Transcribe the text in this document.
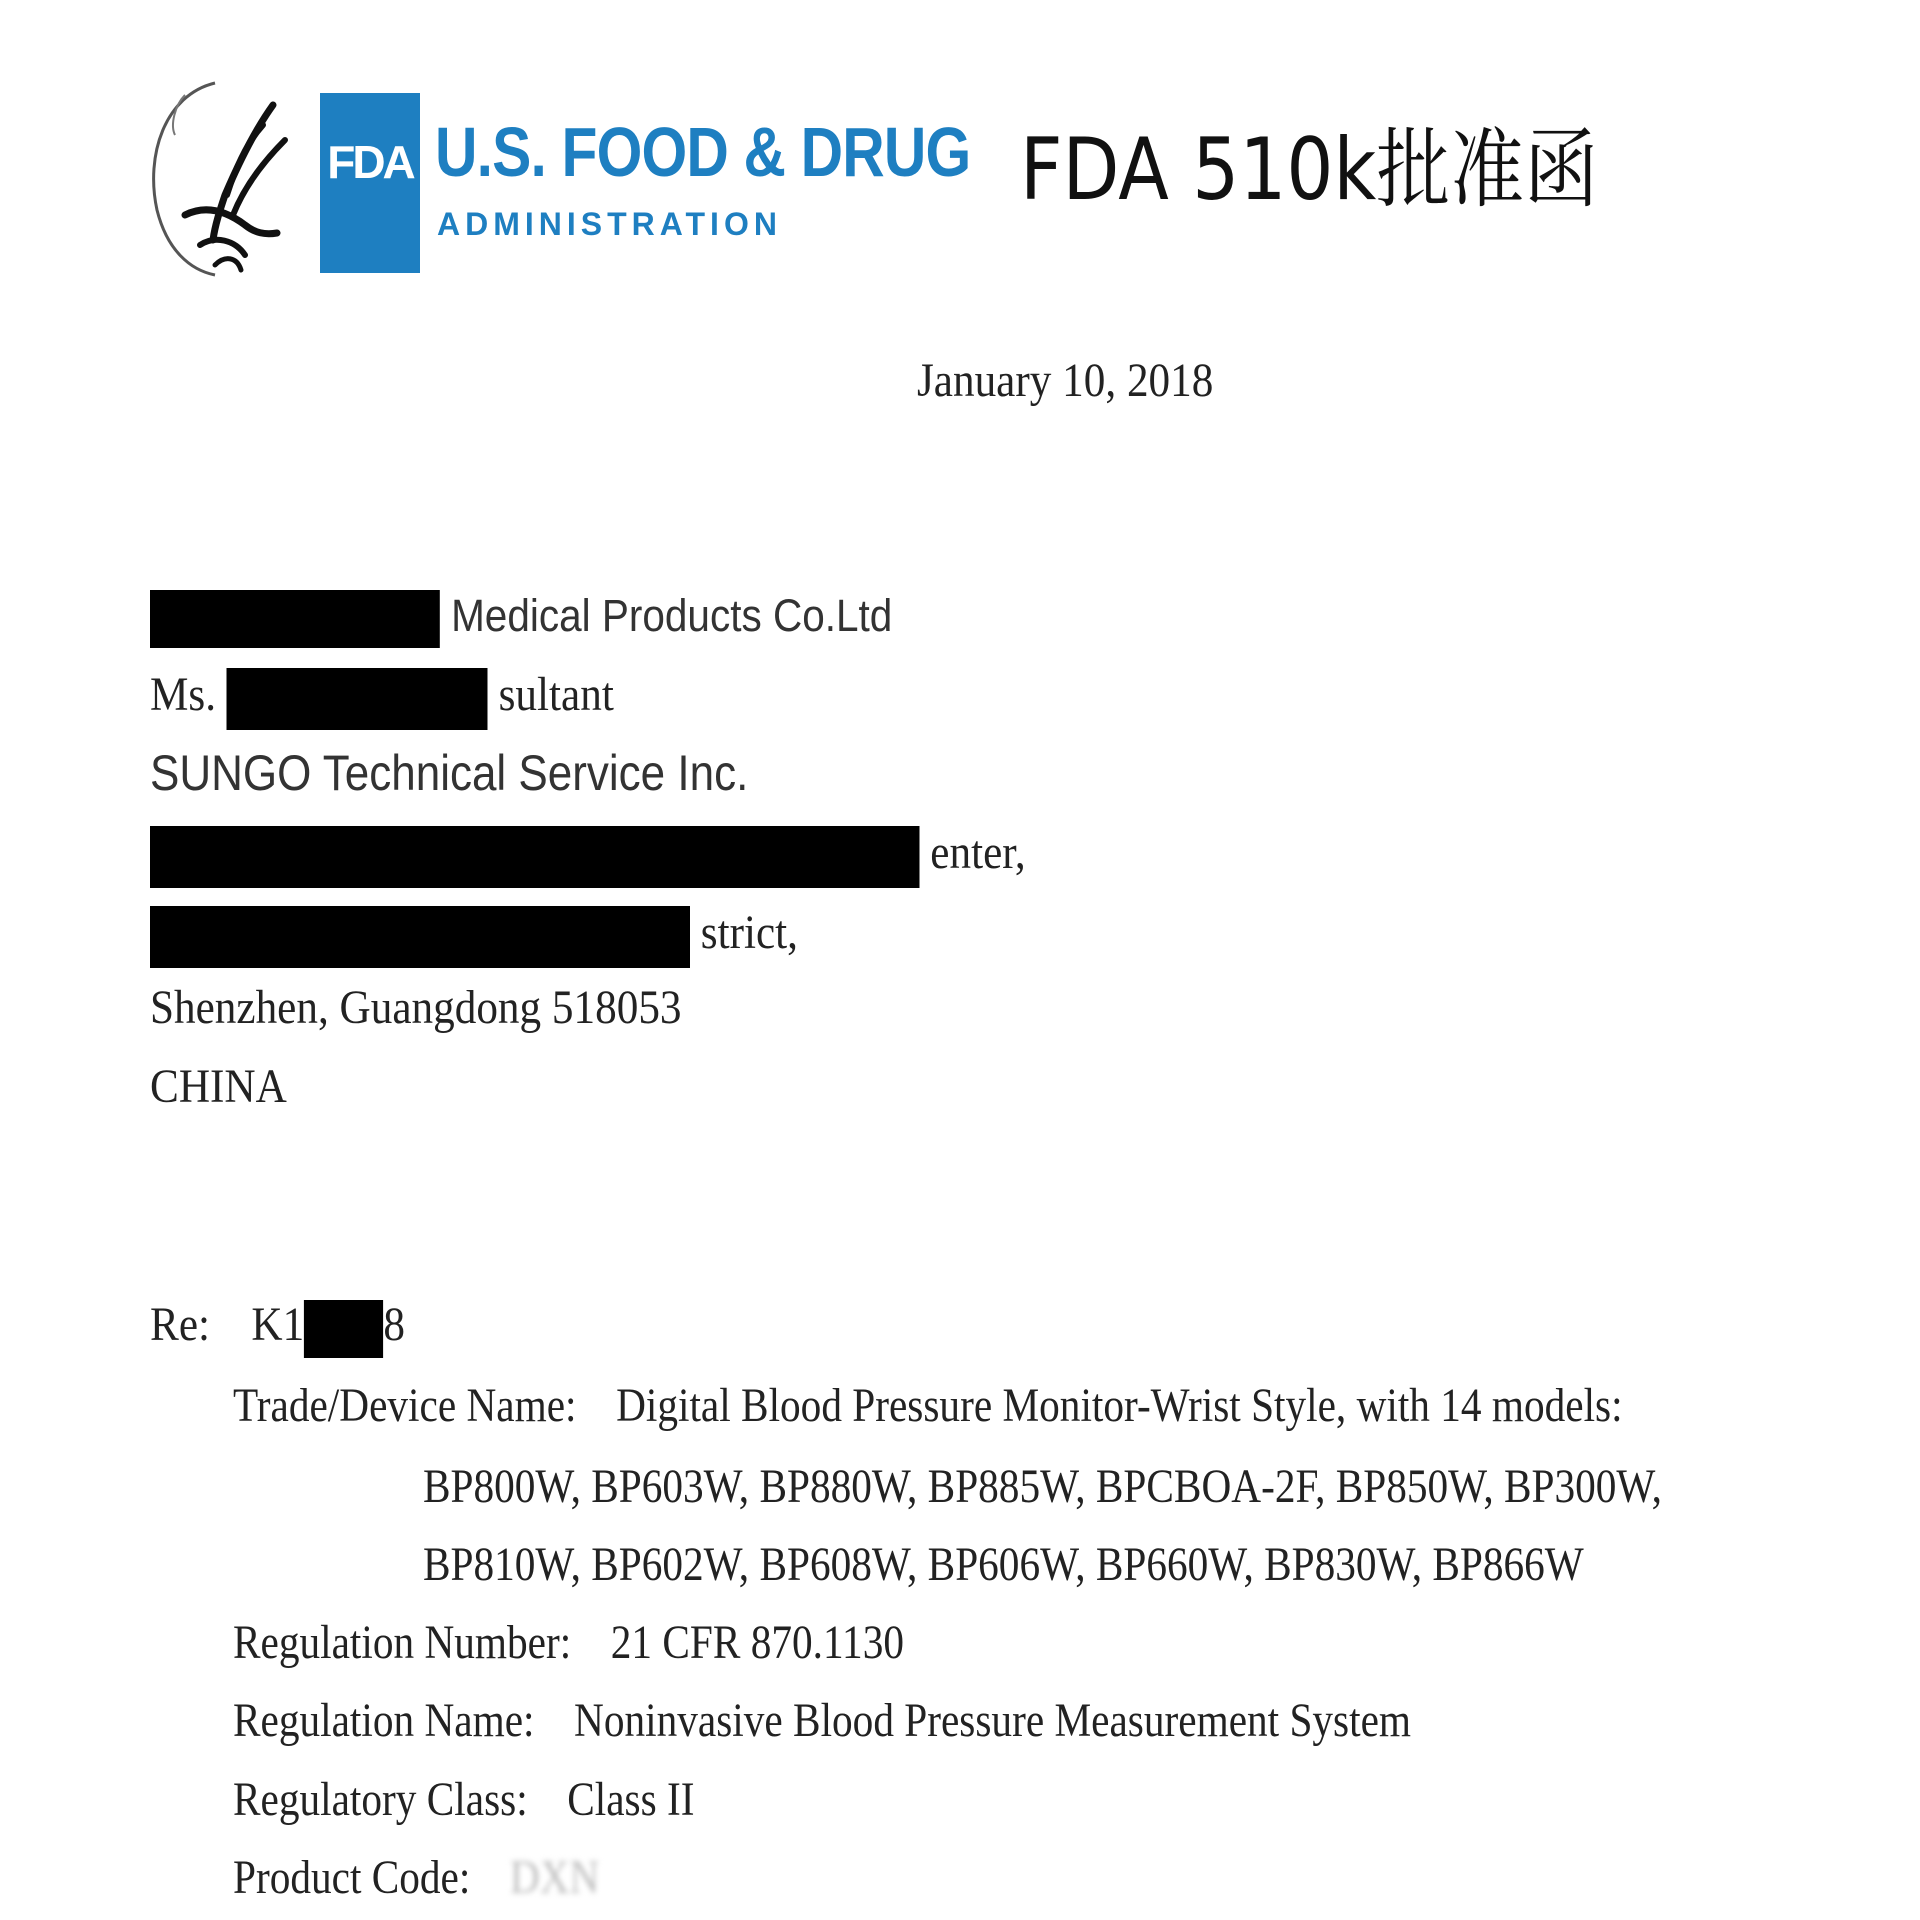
FDA U.S. FOOD & DRUG
ADMINISTRATION
FDA 510k批准函
January 10, 2018
Medical Products Co.Ltd
Ms.	sultant
SUNGO Technical Service Inc.
enter,
strict,
Shenzhen, Guangdong 518053
CHINA
Re: K1 8
Trade/Device Name: Digital Blood Pressure Monitor-Wrist Style, with 14 models:
BP800W, BP603W, BP880W, BP885W, BPCBOA-2F, BP850W, BP300W,
BP810W, BP602W, BP608W, BP606W, BP660W, BP830W, BP866W
Regulation Number: 21 CFR 870.1130
Regulation Name: Noninvasive Blood Pressure Measurement System
Regulatory Class: Class II
Product Code: DXN
